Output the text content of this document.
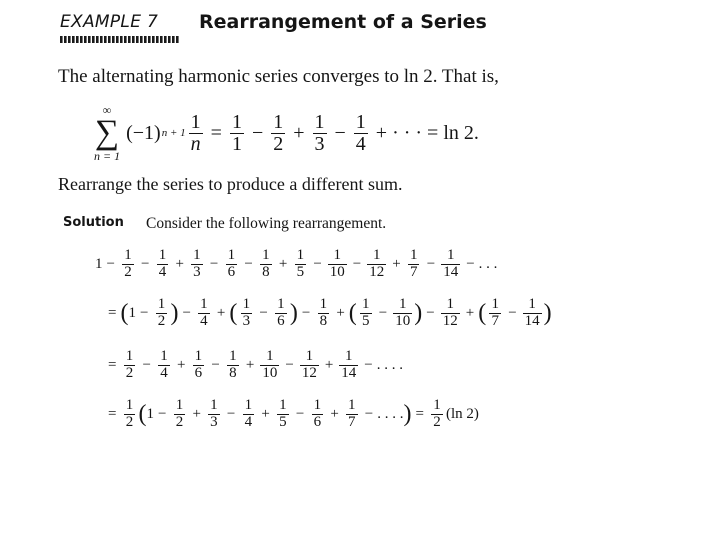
EXAMPLE 7 Rearrangement of a Series
The alternating harmonic series converges to ln 2. That is,
∞
∑
n = 1
(−1) $n + 1 \frac{1}{n} = \frac{1}{1} - \frac{1}{2} + \frac{1}{3} - \frac{1}{4}$ + · · · = ln 2.
Rearrange the series to produce a different sum.
Solution Consider the following rearrangement.
$1 - \frac{1}{2} - \frac{1}{4} + \frac{1}{3} - \frac{1}{6} - \frac{1}{8} + \frac{1}{5} - \frac{1}{10} - \frac{1}{12} + \frac{1}{7} - \frac{1}{14}$ − . . .
= ( $1 - \frac{1}{2}$ ) − $\frac{1}{4}$ + ( $\frac{1}{3} - \frac{1}{6}$ ) − $\frac{1}{8}$ + ( $\frac{1}{5} - \frac{1}{10}$ ) − $\frac{1}{12}$ + ( $\frac{1}{7} - \frac{1}{14}$ )
= $\frac{1}{2} - \frac{1}{4} + \frac{1}{6} - \frac{1}{8} + \frac{1}{10} - \frac{1}{12} + \frac{1}{14}$ − . . . .
= $\frac{1}{2}$ ( $1 - \frac{1}{2} + \frac{1}{3} - \frac{1}{4} + \frac{1}{5} - \frac{1}{6} + \frac{1}{7}$ − . . . . ) = $\frac{1}{2} (\ln$ 2)
